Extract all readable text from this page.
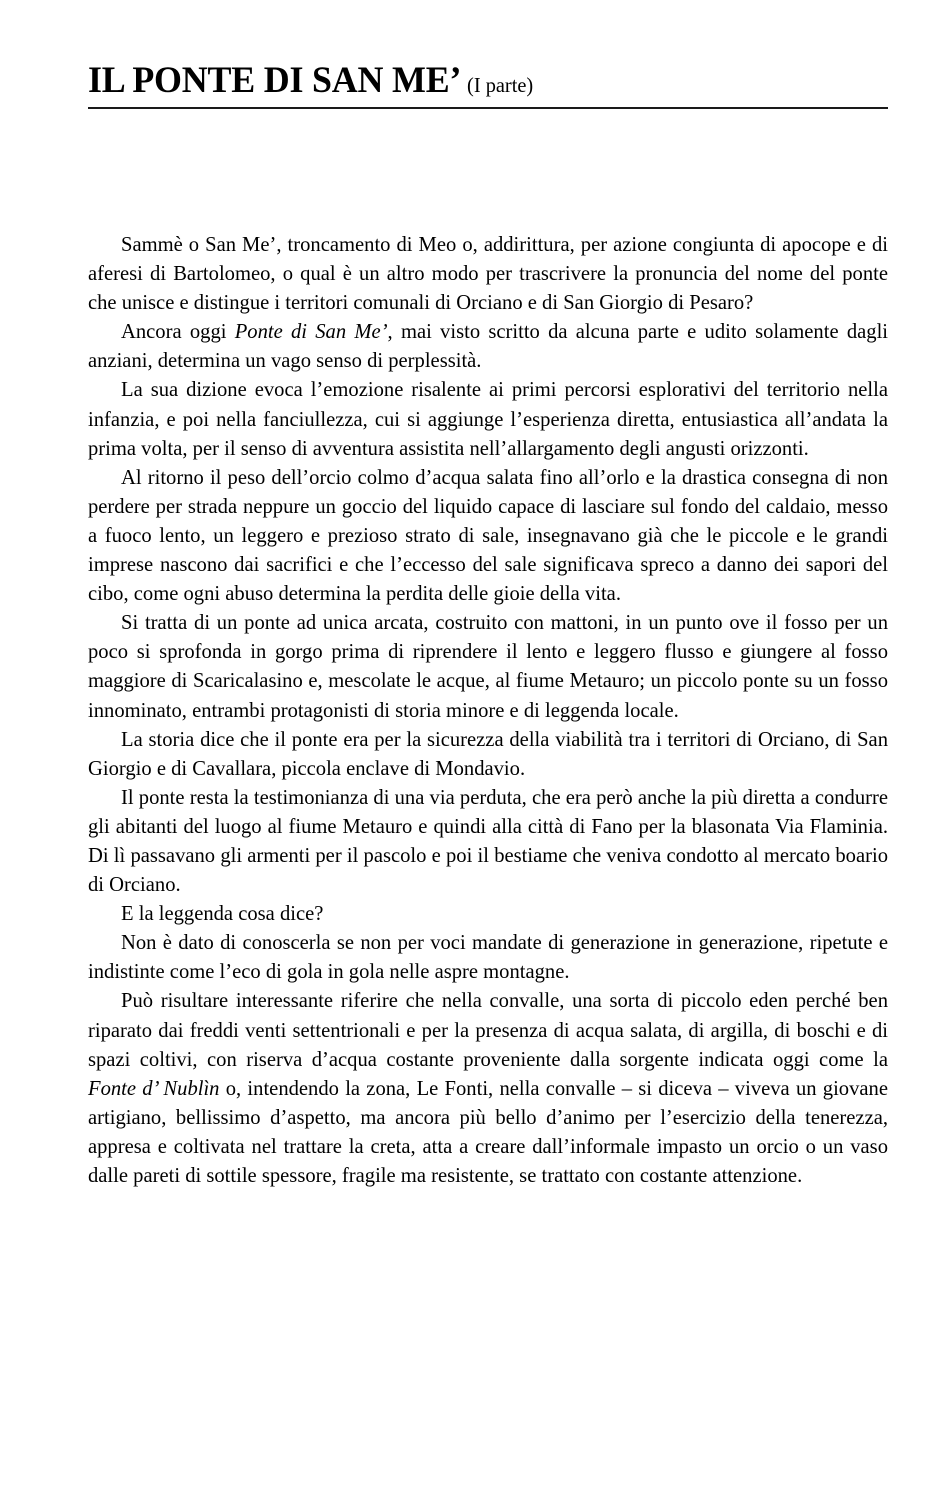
IL PONTE DI SAN ME’ (I parte)

Sammè o San Me’, troncamento di Meo o, addirittura, per azione congiunta di apocope e di aferesi di Bartolomeo, o qual è un altro modo per trascrivere la pronuncia del nome del ponte che unisce e distingue i territori comunali di Orciano e di San Giorgio di Pesaro?

Ancora oggi Ponte di San Me’, mai visto scritto da alcuna parte e udito solamente dagli anziani, determina un vago senso di perplessità.

La sua dizione evoca l’emozione risalente ai primi percorsi esplorativi del territorio nella infanzia, e poi nella fanciullezza, cui si aggiunge l’esperienza diretta, entusiastica all’andata la prima volta, per il senso di avventura assistita nell’allargamento degli angusti orizzonti.

Al ritorno il peso dell’orcio colmo d’acqua salata fino all’orlo e la drastica consegna di non perdere per strada neppure un goccio del liquido capace di lasciare sul fondo del caldaio, messo a fuoco lento, un leggero e prezioso strato di sale, insegnavano già che le piccole e le grandi imprese nascono dai sacrifici e che l’eccesso del sale significava spreco a danno dei sapori del cibo, come ogni abuso determina la perdita delle gioie della vita.

Si tratta di un ponte ad unica arcata, costruito con mattoni, in un punto ove il fosso per un poco si sprofonda in gorgo prima di riprendere il lento e leggero flusso e giungere al fosso maggiore di Scaricalasino e, mescolate le acque, al fiume Metauro; un piccolo ponte su un fosso innominato, entrambi protagonisti di storia minore e di leggenda locale.

La storia dice che il ponte era per la sicurezza della viabilità tra i territori di Orciano, di San Giorgio e di Cavallara, piccola enclave di Mondavio.

Il ponte resta la testimonianza di una via perduta, che era però anche la più diretta a condurre gli abitanti del luogo al fiume Metauro e quindi alla città di Fano per la blasonata Via Flaminia. Di lì passavano gli armenti per il pascolo e poi il bestiame che veniva condotto al mercato boario di Orciano.

E la leggenda cosa dice?

Non è dato di conoscerla se non per voci mandate di generazione in generazione, ripetute e indistinte come l’eco di gola in gola nelle aspre montagne.

Può risultare interessante riferire che nella convalle, una sorta di piccolo eden perché ben riparato dai freddi venti settentrionali e per la presenza di acqua salata, di argilla, di boschi e di spazi coltivi, con riserva d’acqua costante proveniente dalla sorgente indicata oggi come la Fonte d’ Nublìn o, intendendo la zona, Le Fonti, nella convalle – si diceva – viveva un giovane artigiano, bellissimo d’aspetto, ma ancora più bello d’animo per l’esercizio della tenerezza, appresa e coltivata nel trattare la creta, atta a creare dall’informale impasto un orcio o un vaso dalle pareti di sottile spessore, fragile ma resistente, se trattato con costante attenzione.
